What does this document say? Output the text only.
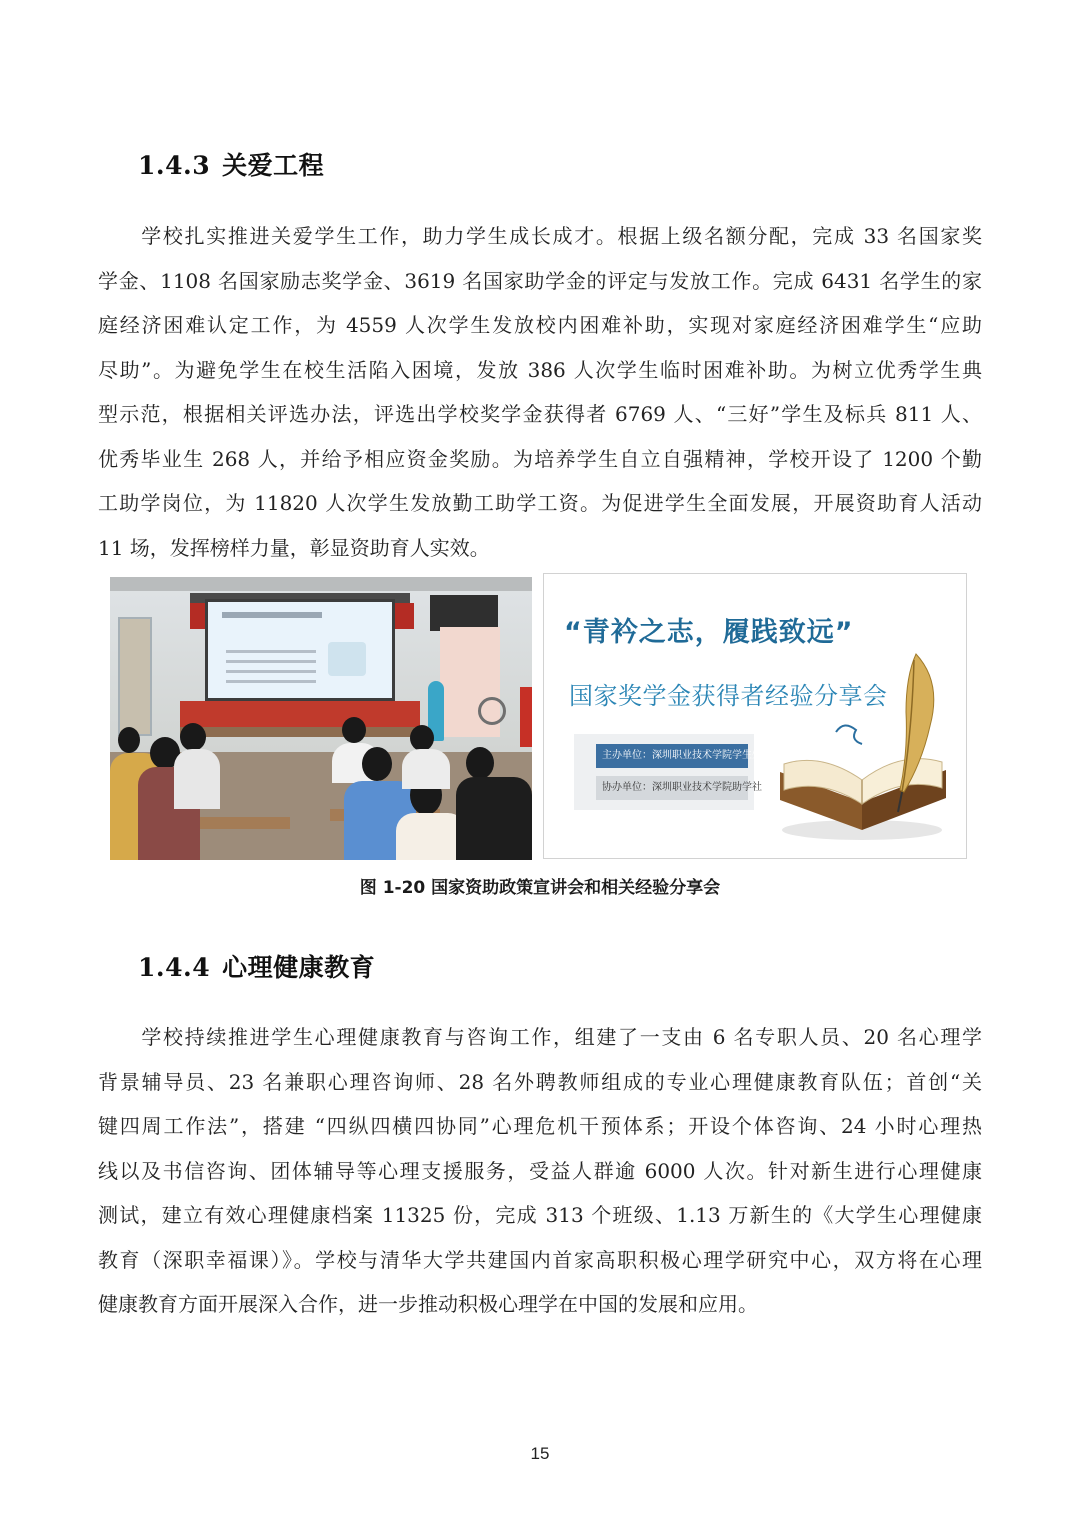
1.4.3 关爱工程
　　学校扎实推进关爱学生工作，助力学生成长成才。根据上级名额分配，完成 33 名国家奖
学金、1108 名国家励志奖学金、3619 名国家助学金的评定与发放工作。完成 6431 名学生的家
庭经济困难认定工作，为 4559 人次学生发放校内困难补助，实现对家庭经济困难学生“应助
尽助”。为避免学生在校生活陷入困境，发放 386 人次学生临时困难补助。为树立优秀学生典
型示范，根据相关评选办法，评选出学校奖学金获得者 6769 人、“三好”学生及标兵 811 人、
优秀毕业生 268 人，并给予相应资金奖励。为培养学生自立自强精神，学校开设了 1200 个勤
工助学岗位，为 11820 人次学生发放勤工助学工资。为促进学生全面发展，开展资助育人活动
11 场，发挥榜样力量，彰显资助育人实效。
“青衿之志，履践致远”
国家奖学金获得者经验分享会
主办单位：深圳职业技术学院学生处
协办单位：深圳职业技术学院助学社
图 1-20 国家资助政策宣讲会和相关经验分享会
1.4.4 心理健康教育
　　学校持续推进学生心理健康教育与咨询工作，组建了一支由 6 名专职人员、20 名心理学
背景辅导员、23 名兼职心理咨询师、28 名外聘教师组成的专业心理健康教育队伍；首创“关
键四周工作法”，搭建 “四纵四横四协同”心理危机干预体系；开设个体咨询、24 小时心理热
线以及书信咨询、团体辅导等心理支援服务，受益人群逾 6000 人次。针对新生进行心理健康
测试，建立有效心理健康档案 11325 份，完成 313 个班级、1.13 万新生的《大学生心理健康
教育（深职幸福课）》。学校与清华大学共建国内首家高职积极心理学研究中心，双方将在心理
健康教育方面开展深入合作，进一步推动积极心理学在中国的发展和应用。
15
